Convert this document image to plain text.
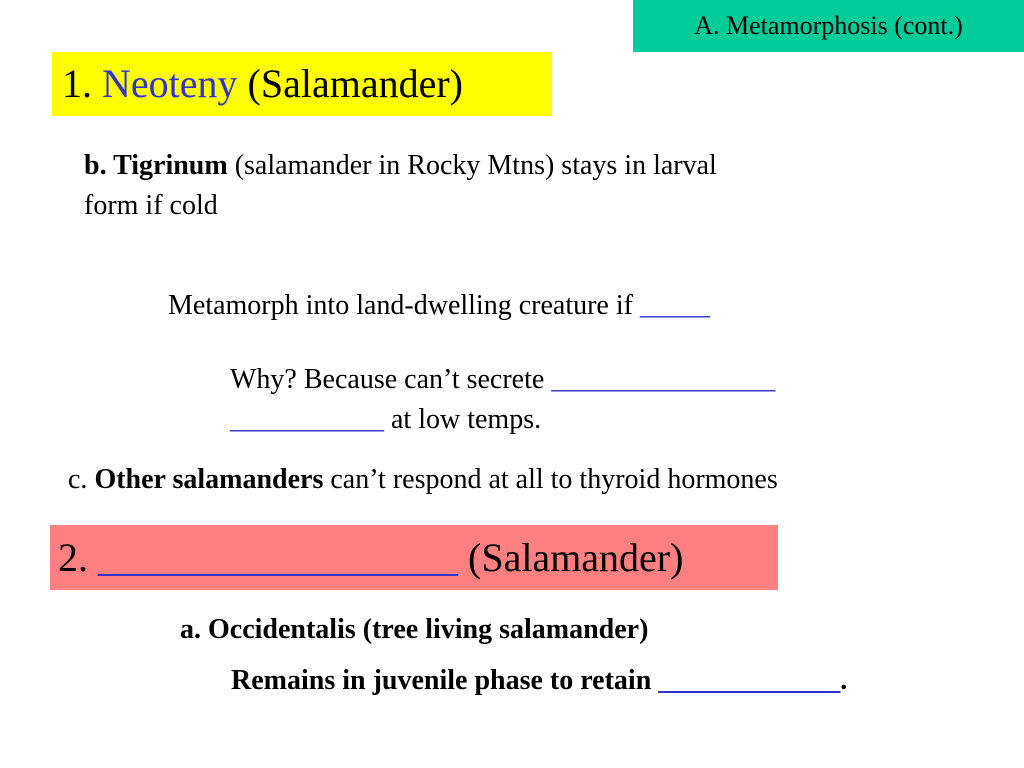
A. Metamorphosis (cont.)
1. Neoteny (Salamander)
b. Tigrinum (salamander in Rocky Mtns) stays in larval
form if cold
Metamorph into land-dwelling creature if _____
Why? Because can’t secrete ________________
___________ at low temps.
c. Other salamanders can’t respond at all to thyroid hormones
2. __________________ (Salamander)
a. Occidentalis (tree living salamander)
Remains in juvenile phase to retain _____________.
